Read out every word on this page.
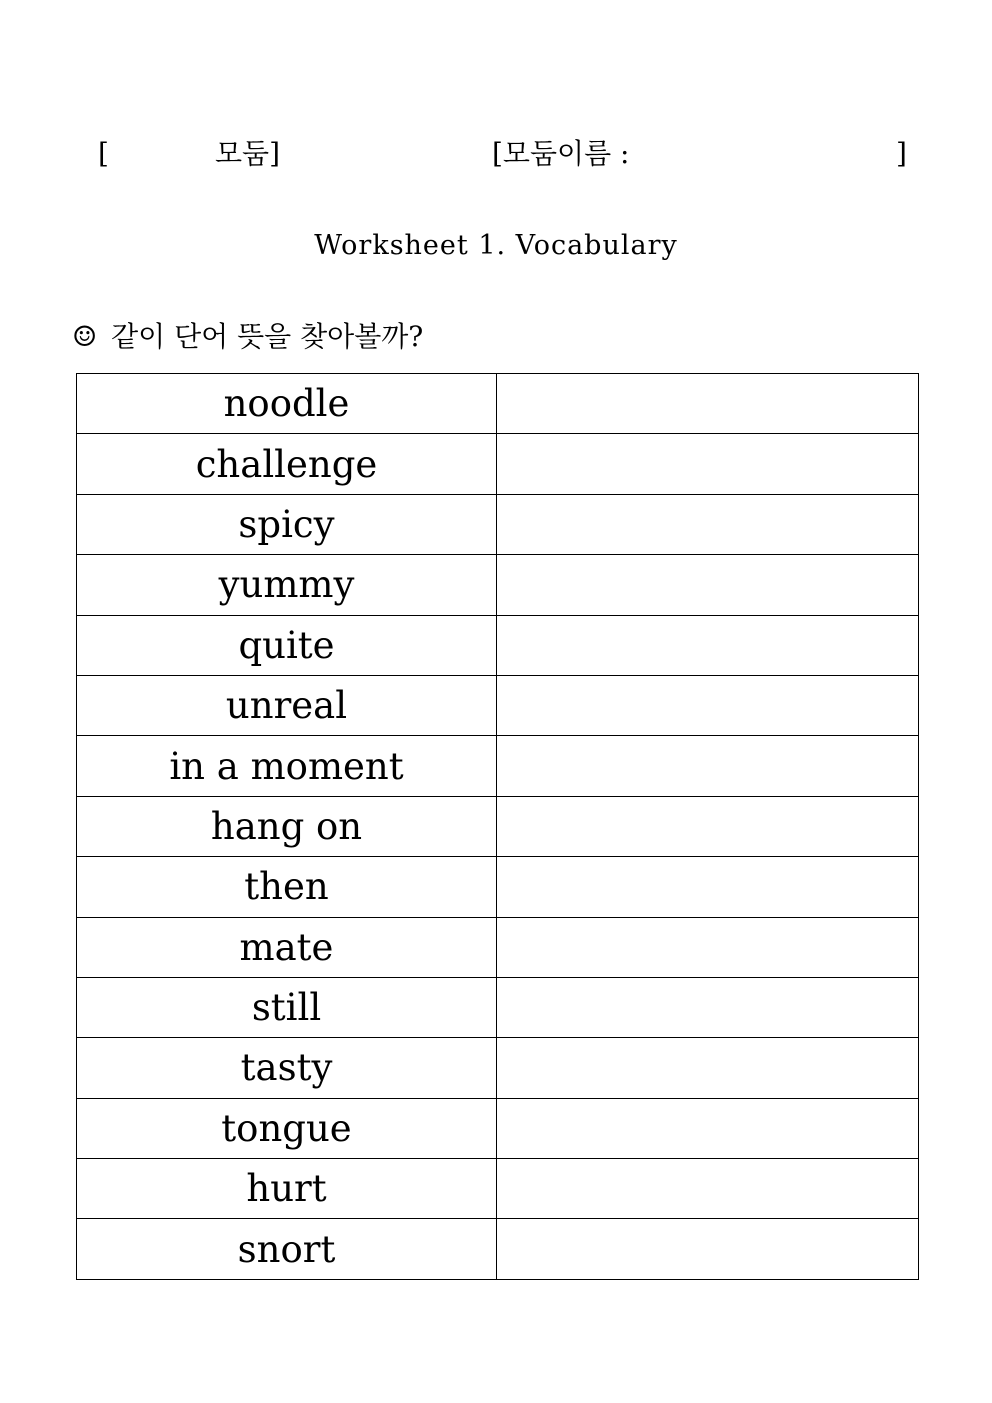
[	모둠]	[모둠이름 :	]
Worksheet 1. Vocabulary
☺ 같이 단어 뜻을 찾아볼까?
noodle	
challenge	
spicy	
yummy	
quite	
unreal	
in a moment	
hang on	
then	
mate	
still	
tasty	
tongue	
hurt	
snort	
